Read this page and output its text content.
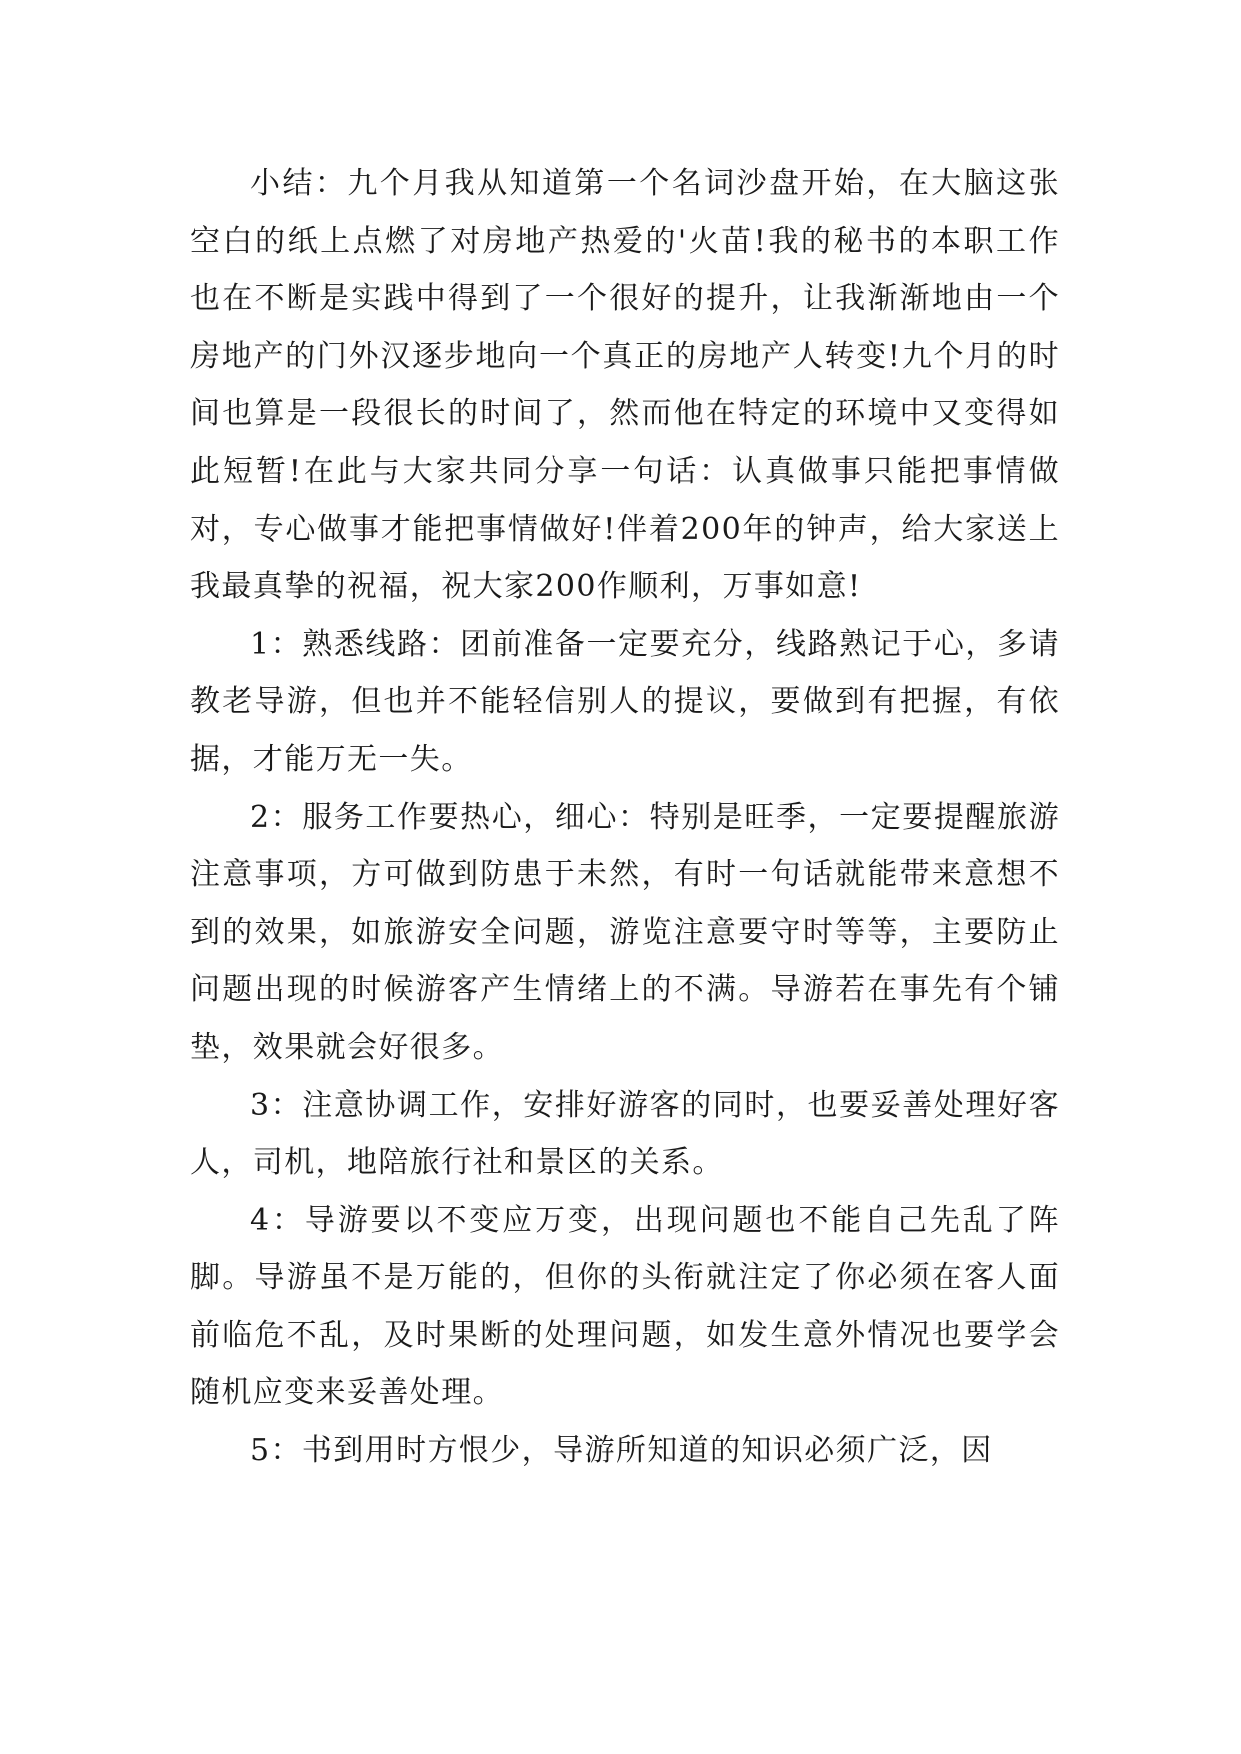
小结：九个月我从知道第一个名词沙盘开始，在大脑这张空白的纸上点燃了对房地产热爱的'火苗!我的秘书的本职工作也在不断是实践中得到了一个很好的提升，让我渐渐地由一个房地产的门外汉逐步地向一个真正的房地产人转变!九个月的时间也算是一段很长的时间了，然而他在特定的环境中又变得如此短暂!在此与大家共同分享一句话：认真做事只能把事情做对，专心做事才能把事情做好!伴着200年的钟声，给大家送上我最真挚的祝福，祝大家200作顺利，万事如意!

1：熟悉线路：团前准备一定要充分，线路熟记于心，多请教老导游，但也并不能轻信别人的提议，要做到有把握，有依据，才能万无一失。

2：服务工作要热心，细心：特别是旺季，一定要提醒旅游注意事项，方可做到防患于未然，有时一句话就能带来意想不到的效果，如旅游安全问题，游览注意要守时等等，主要防止问题出现的时候游客产生情绪上的不满。导游若在事先有个铺垫，效果就会好很多。

3：注意协调工作，安排好游客的同时，也要妥善处理好客人，司机，地陪旅行社和景区的关系。

4：导游要以不变应万变，出现问题也不能自己先乱了阵脚。导游虽不是万能的，但你的头衔就注定了你必须在客人面前临危不乱，及时果断的处理问题，如发生意外情况也要学会随机应变来妥善处理。

5：书到用时方恨少，导游所知道的知识必须广泛，因
